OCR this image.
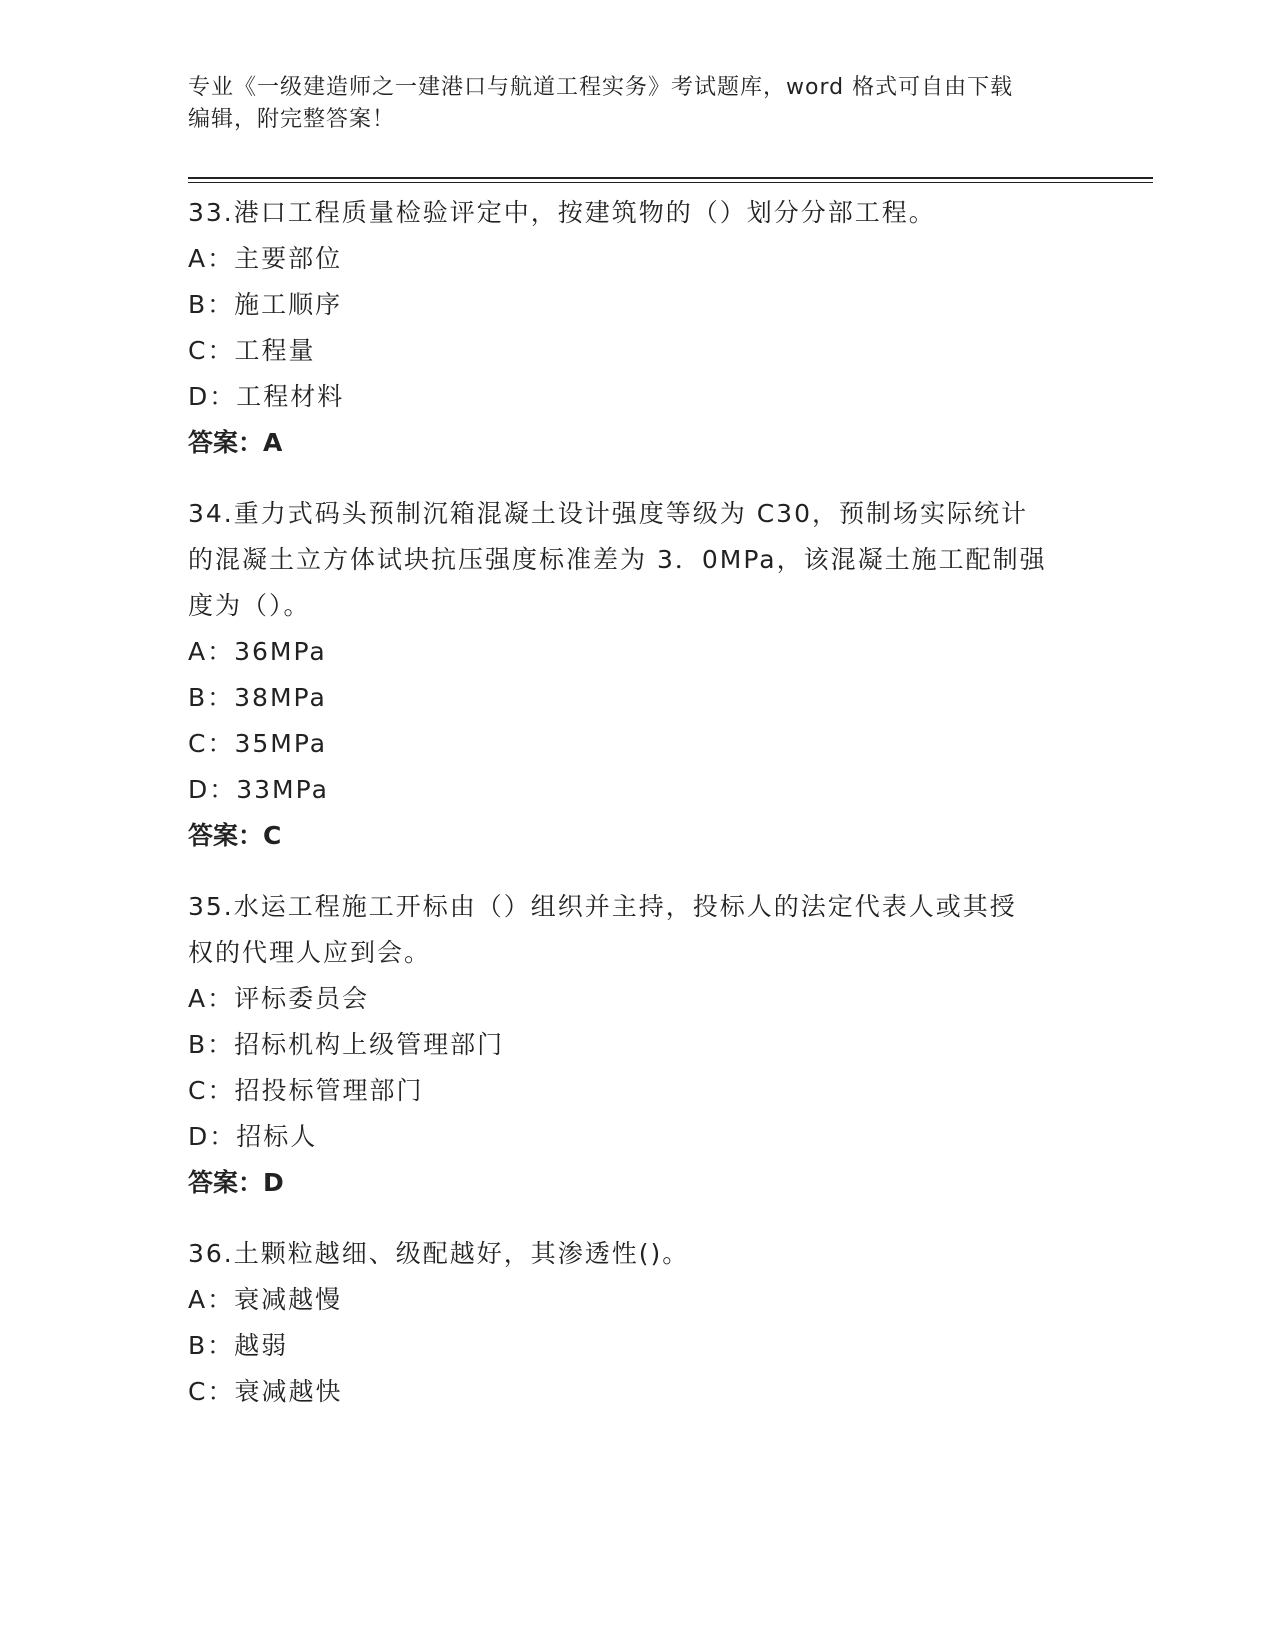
专业《一级建造师之一建港口与航道工程实务》考试题库，word 格式可自由下载
编辑，附完整答案！
33.港口工程质量检验评定中，按建筑物的（）划分分部工程。
A：主要部位
B：施工顺序
C：工程量
D：工程材料
答案：A
34.重力式码头预制沉箱混凝土设计强度等级为 C30，预制场实际统计
的混凝土立方体试块抗压强度标准差为 3．0MPa，该混凝土施工配制强
度为（）。
A：36MPa
B：38MPa
C：35MPa
D：33MPa
答案：C
35.水运工程施工开标由（）组织并主持，投标人的法定代表人或其授
权的代理人应到会。
A：评标委员会
B：招标机构上级管理部门
C：招投标管理部门
D：招标人
答案：D
36.土颗粒越细、级配越好，其渗透性()。
A：衰减越慢
B：越弱
C：衰减越快
